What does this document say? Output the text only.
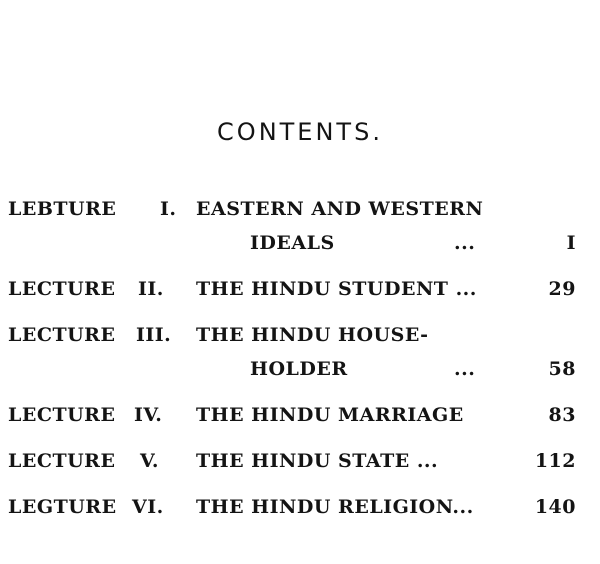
CONTENTS.
LEBTURE I. EASTERN AND WESTERN
IDEALS	...	I
LECTURE II. THE HINDU STUDENT ...	29
LECTURE III. THE HINDU HOUSE-
HOLDER	...	58
LECTURE IV. THE HINDU MARRIAGE	83
LECTURE V. THE HINDU STATE ...	112
LEGTURE VI. THE HINDU RELIGION...	140
